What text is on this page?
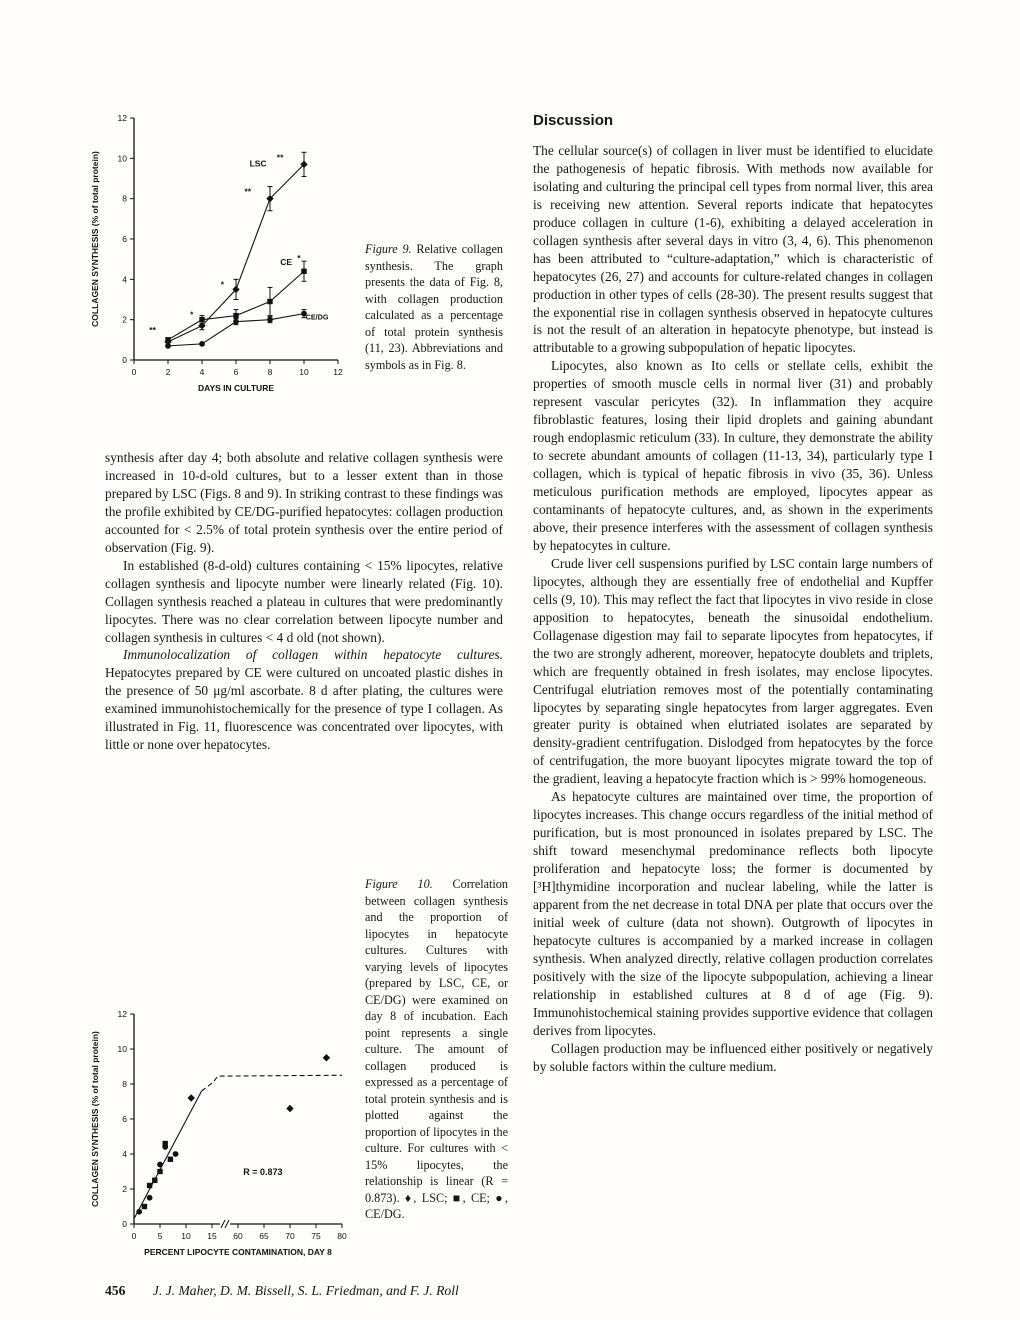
0	2	4	6	8	10	12
0
2
4
6
8
10
12
DAYS IN CULTURE
COLLAGEN SYNTHESIS (% of total protein)	LSC
**
**
*
*
**
CE *
CE/DG
Figure 9. Relative collagen synthesis. The graph presents the data of Fig. 8, with collagen production calculated as a percentage of total protein synthesis (11, 23). Abbreviations and symbols as in Fig. 8.

synthesis after day 4; both absolute and relative collagen synthesis were increased in 10-d-old cultures, but to a lesser extent than in those prepared by LSC (Figs. 8 and 9). In striking contrast to these findings was the profile exhibited by CE/DG-purified hepatocytes: collagen production accounted for < 2.5% of total protein synthesis over the entire period of observation (Fig. 9).

In established (8-d-old) cultures containing < 15% lipocytes, relative collagen synthesis and lipocyte number were linearly related (Fig. 10). Collagen synthesis reached a plateau in cultures that were predominantly lipocytes. There was no clear correlation between lipocyte number and collagen synthesis in cultures < 4 d old (not shown).

Immunolocalization of collagen within hepatocyte cultures. Hepatocytes prepared by CE were cultured on uncoated plastic dishes in the presence of 50 μg/ml ascorbate. 8 d after plating, the cultures were examined immunohistochemically for the presence of type I collagen. As illustrated in Fig. 11, fluorescence was concentrated over lipocytes, with little or none over hepatocytes.

Figure 10. Correlation between collagen synthesis and the proportion of lipocytes in hepatocyte cultures. Cultures with varying levels of lipocytes (prepared by LSC, CE, or CE/DG) were examined on day 8 of incubation. Each point represents a single culture. The amount of collagen produced is expressed as a percentage of total protein synthesis and is plotted against the proportion of lipocytes in the culture. For cultures with < 15% lipocytes, the relationship is linear (R = 0.873). ♦, LSC; ■, CE; ●, CE/DG.
0	5 10 15 60 65 70 75 80
0
2
4
6
8
10
12
PERCENT LIPOCYTE CONTAMINATION, DAY 8
COLLAGEN SYNTHESIS (% of total protein)	R = 0.873
Discussion

The cellular source(s) of collagen in liver must be identified to elucidate the pathogenesis of hepatic fibrosis. With methods now available for isolating and culturing the principal cell types from normal liver, this area is receiving new attention. Several reports indicate that hepatocytes produce collagen in culture (1-6), exhibiting a delayed acceleration in collagen synthesis after several days in vitro (3, 4, 6). This phenomenon has been attributed to “culture-adaptation,” which is characteristic of hepatocytes (26, 27) and accounts for culture-related changes in collagen production in other types of cells (28-30). The present results suggest that the exponential rise in collagen synthesis observed in hepatocyte cultures is not the result of an alteration in hepatocyte phenotype, but instead is attributable to a growing subpopulation of hepatic lipocytes.

Lipocytes, also known as Ito cells or stellate cells, exhibit the properties of smooth muscle cells in normal liver (31) and probably represent vascular pericytes (32). In inflammation they acquire fibroblastic features, losing their lipid droplets and gaining abundant rough endoplasmic reticulum (33). In culture, they demonstrate the ability to secrete abundant amounts of collagen (11-13, 34), particularly type I collagen, which is typical of hepatic fibrosis in vivo (35, 36). Unless meticulous purification methods are employed, lipocytes appear as contaminants of hepatocyte cultures, and, as shown in the experiments above, their presence interferes with the assessment of collagen synthesis by hepatocytes in culture.

Crude liver cell suspensions purified by LSC contain large numbers of lipocytes, although they are essentially free of endothelial and Kupffer cells (9, 10). This may reflect the fact that lipocytes in vivo reside in close apposition to hepatocytes, beneath the sinusoidal endothelium. Collagenase digestion may fail to separate lipocytes from hepatocytes, if the two are strongly adherent, moreover, hepatocyte doublets and triplets, which are frequently obtained in fresh isolates, may enclose lipocytes. Centrifugal elutriation removes most of the potentially contaminating lipocytes by separating single hepatocytes from larger aggregates. Even greater purity is obtained when elutriated isolates are separated by density-gradient centrifugation. Dislodged from hepatocytes by the force of centrifugation, the more buoyant lipocytes migrate toward the top of the gradient, leaving a hepatocyte fraction which is > 99% homogeneous.

As hepatocyte cultures are maintained over time, the proportion of lipocytes increases. This change occurs regardless of the initial method of purification, but is most pronounced in isolates prepared by LSC. The shift toward mesenchymal predominance reflects both lipocyte proliferation and hepatocyte loss; the former is documented by [³H]thymidine incorporation and nuclear labeling, while the latter is apparent from the net decrease in total DNA per plate that occurs over the initial week of culture (data not shown). Outgrowth of lipocytes in hepatocyte cultures is accompanied by a marked increase in collagen synthesis. When analyzed directly, relative collagen production correlates positively with the size of the lipocyte subpopulation, achieving a linear relationship in established cultures at 8 d of age (Fig. 9). Immunohistochemical staining provides supportive evidence that collagen derives from lipocytes.

Collagen production may be influenced either positively or negatively by soluble factors within the culture medium.

456 J. J. Maher, D. M. Bissell, S. L. Friedman, and F. J. Roll
